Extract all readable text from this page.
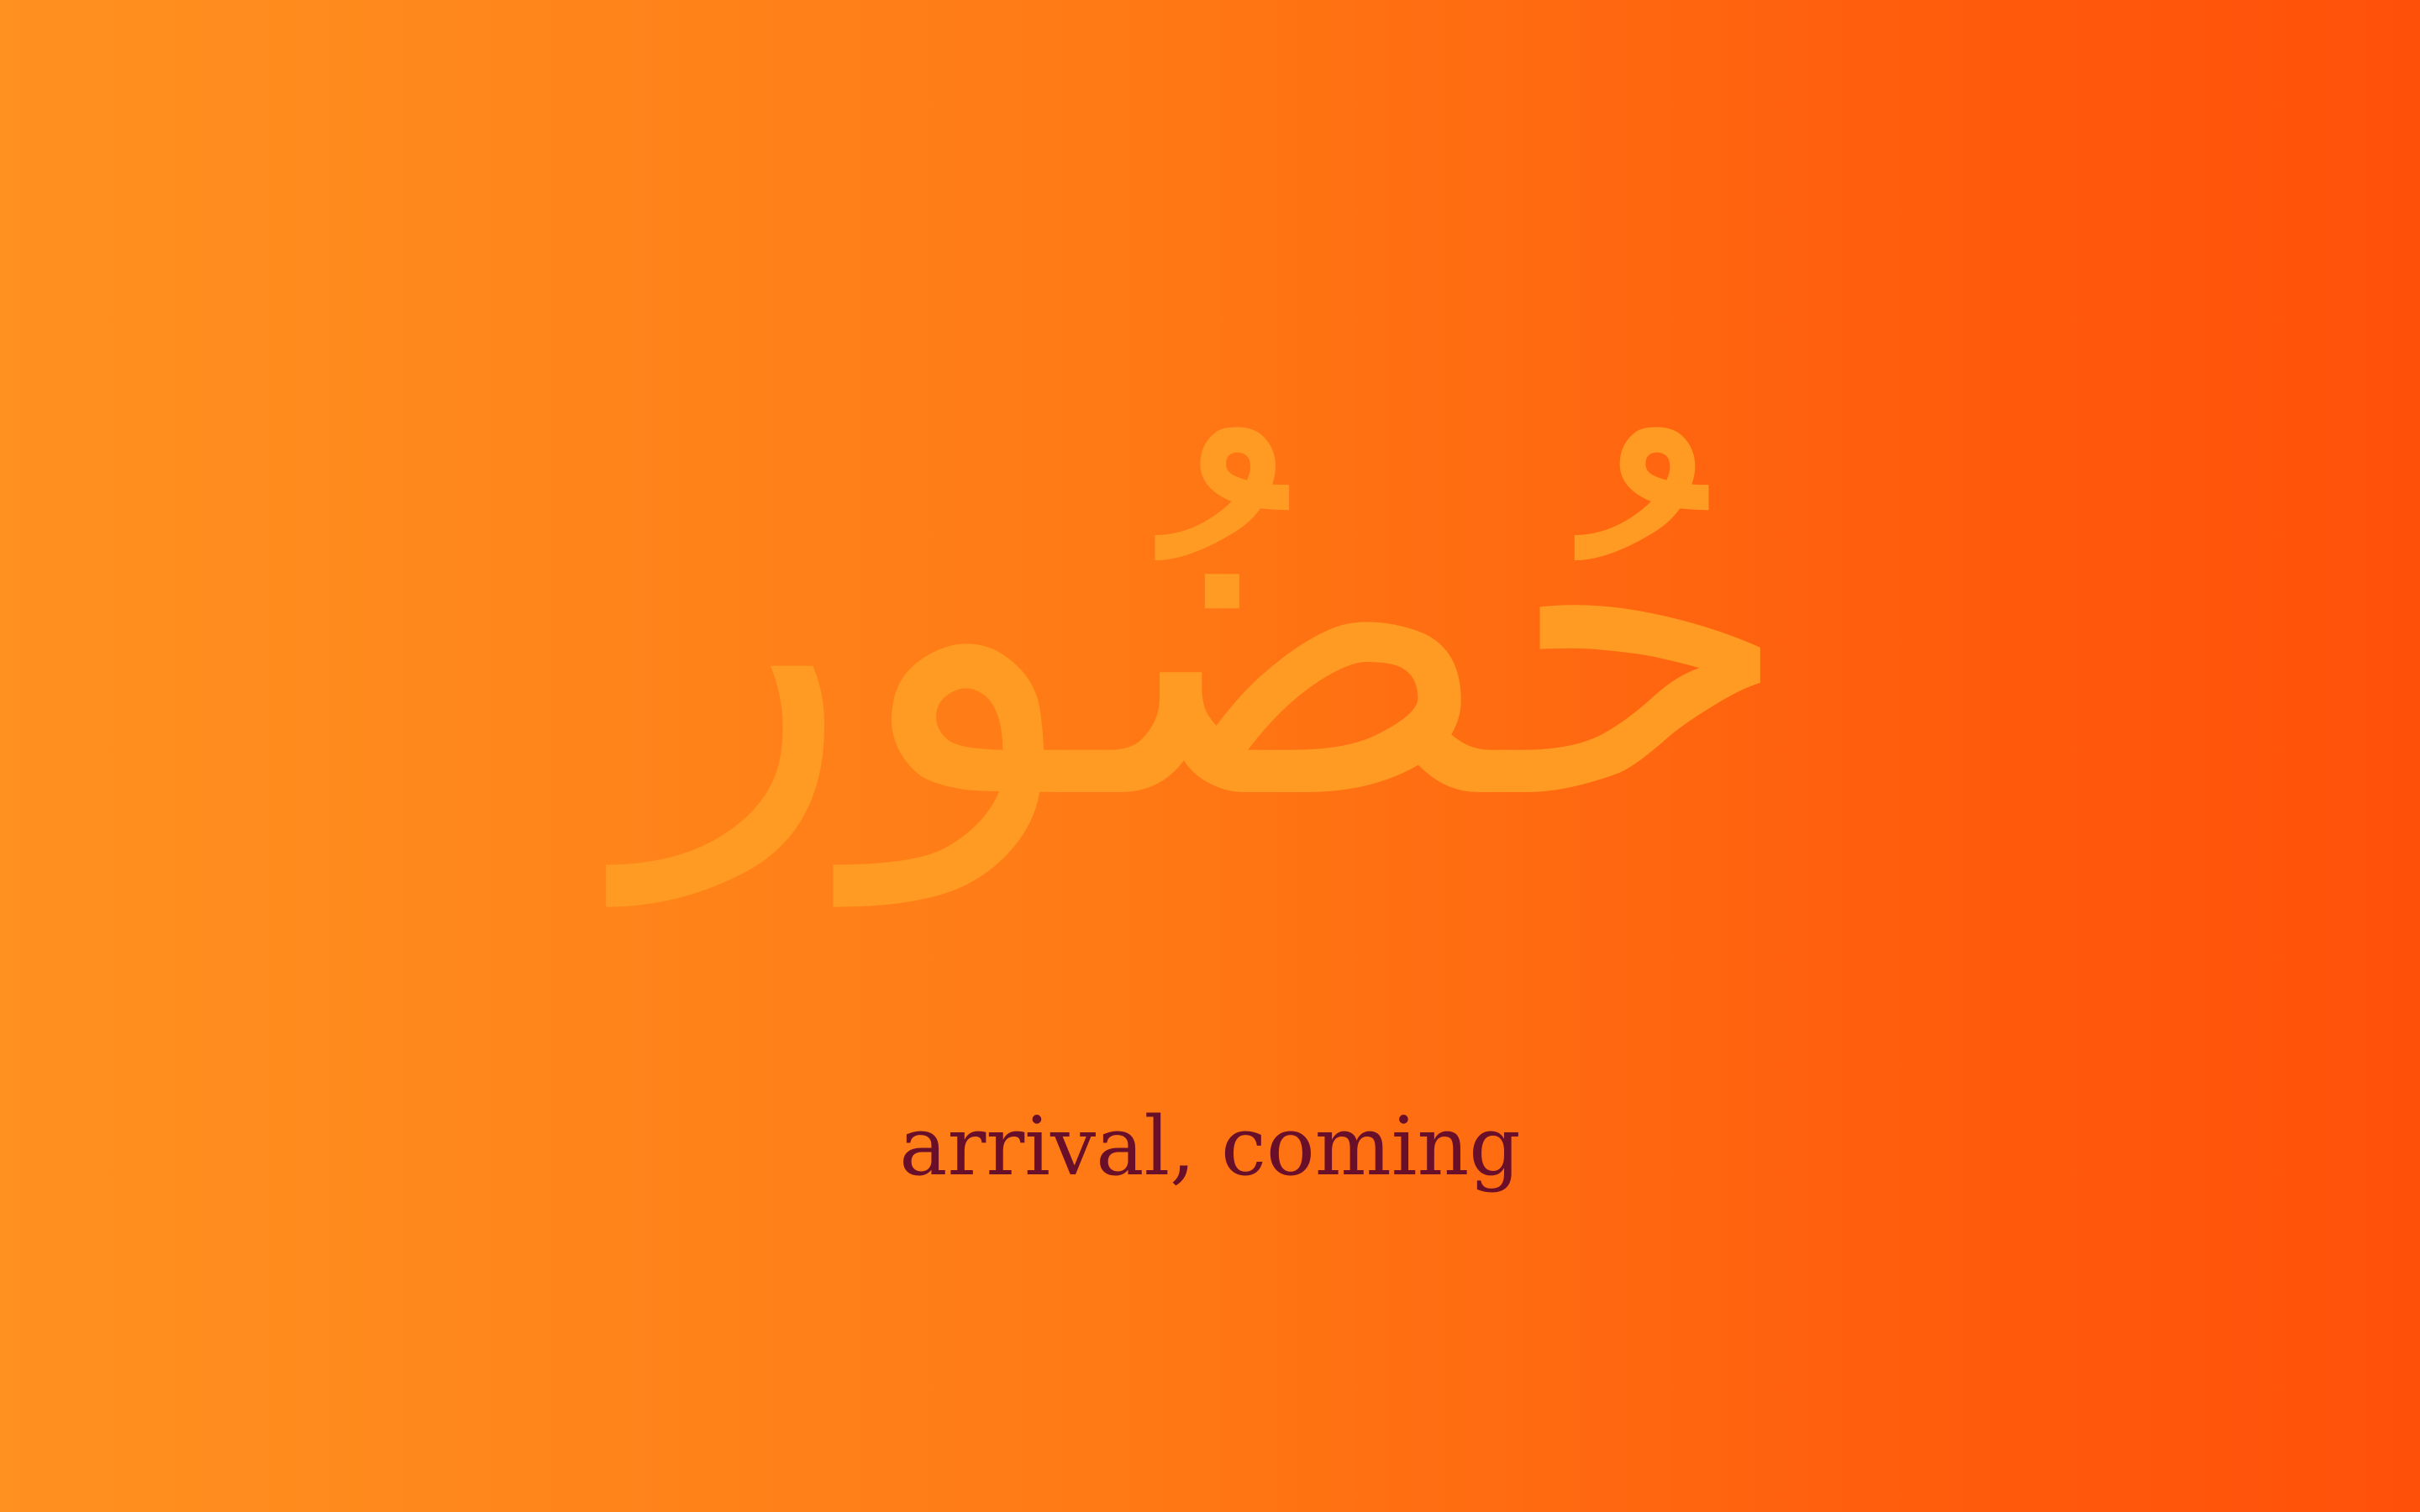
حُضُور
arrival, coming
